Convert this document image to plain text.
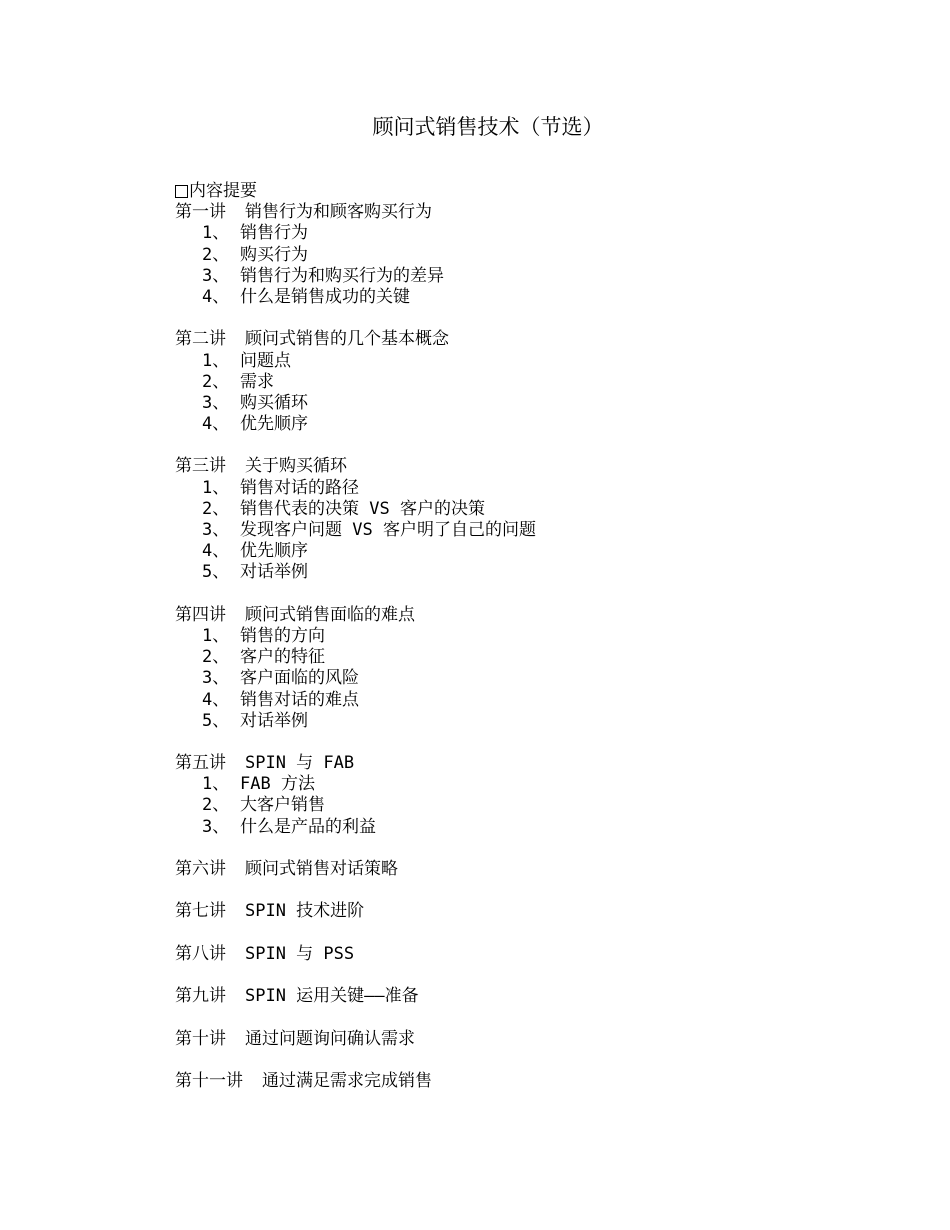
顾问式销售技术（节选）
内容提要
第一讲 销售行为和顾客购买行为
1、 销售行为
2、 购买行为
3、 销售行为和购买行为的差异
4、 什么是销售成功的关键
第二讲 顾问式销售的几个基本概念
1、 问题点
2、 需求
3、 购买循环
4、 优先顺序
第三讲 关于购买循环
1、 销售对话的路径
2、 销售代表的决策 VS 客户的决策
3、 发现客户问题 VS 客户明了自己的问题
4、 优先顺序
5、 对话举例
第四讲 顾问式销售面临的难点
1、 销售的方向
2、 客户的特征
3、 客户面临的风险
4、 销售对话的难点
5、 对话举例
第五讲 SPIN 与 FAB
1、 FAB 方法
2、 大客户销售
3、 什么是产品的利益
第六讲 顾问式销售对话策略
第七讲 SPIN 技术进阶
第八讲 SPIN 与 PSS
第九讲 SPIN 运用关键——准备
第十讲 通过问题询问确认需求
第十一讲 通过满足需求完成销售
